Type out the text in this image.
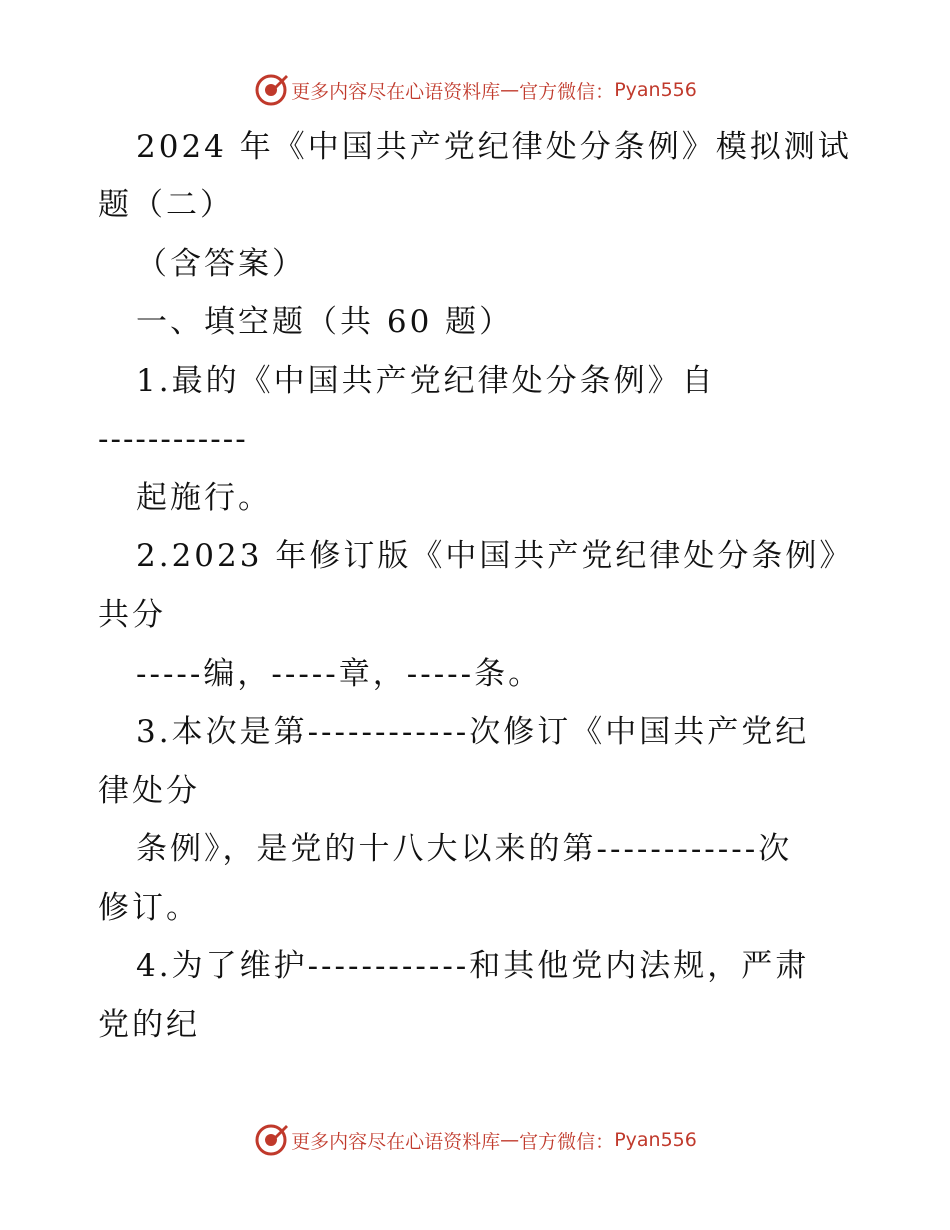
更多内容尽在心语资料库 — 官方微信： Pyan556
2024 年《中国共产党纪律处分条例》模拟测试
题（二）
（含答案）
一、填空题（共 60 题）
1.最的《中国共产党纪律处分条例》自
------------
起施行。
2.2023 年修订版《中国共产党纪律处分条例》
共分
-----编，-----章，-----条。
3.本次是第------------次修订《中国共产党纪
律处分
条例》，是党的十八大以来的第------------次
修订。
4.为了维护------------和其他党内法规，严肃
党的纪
更多内容尽在心语资料库 — 官方微信： Pyan556
